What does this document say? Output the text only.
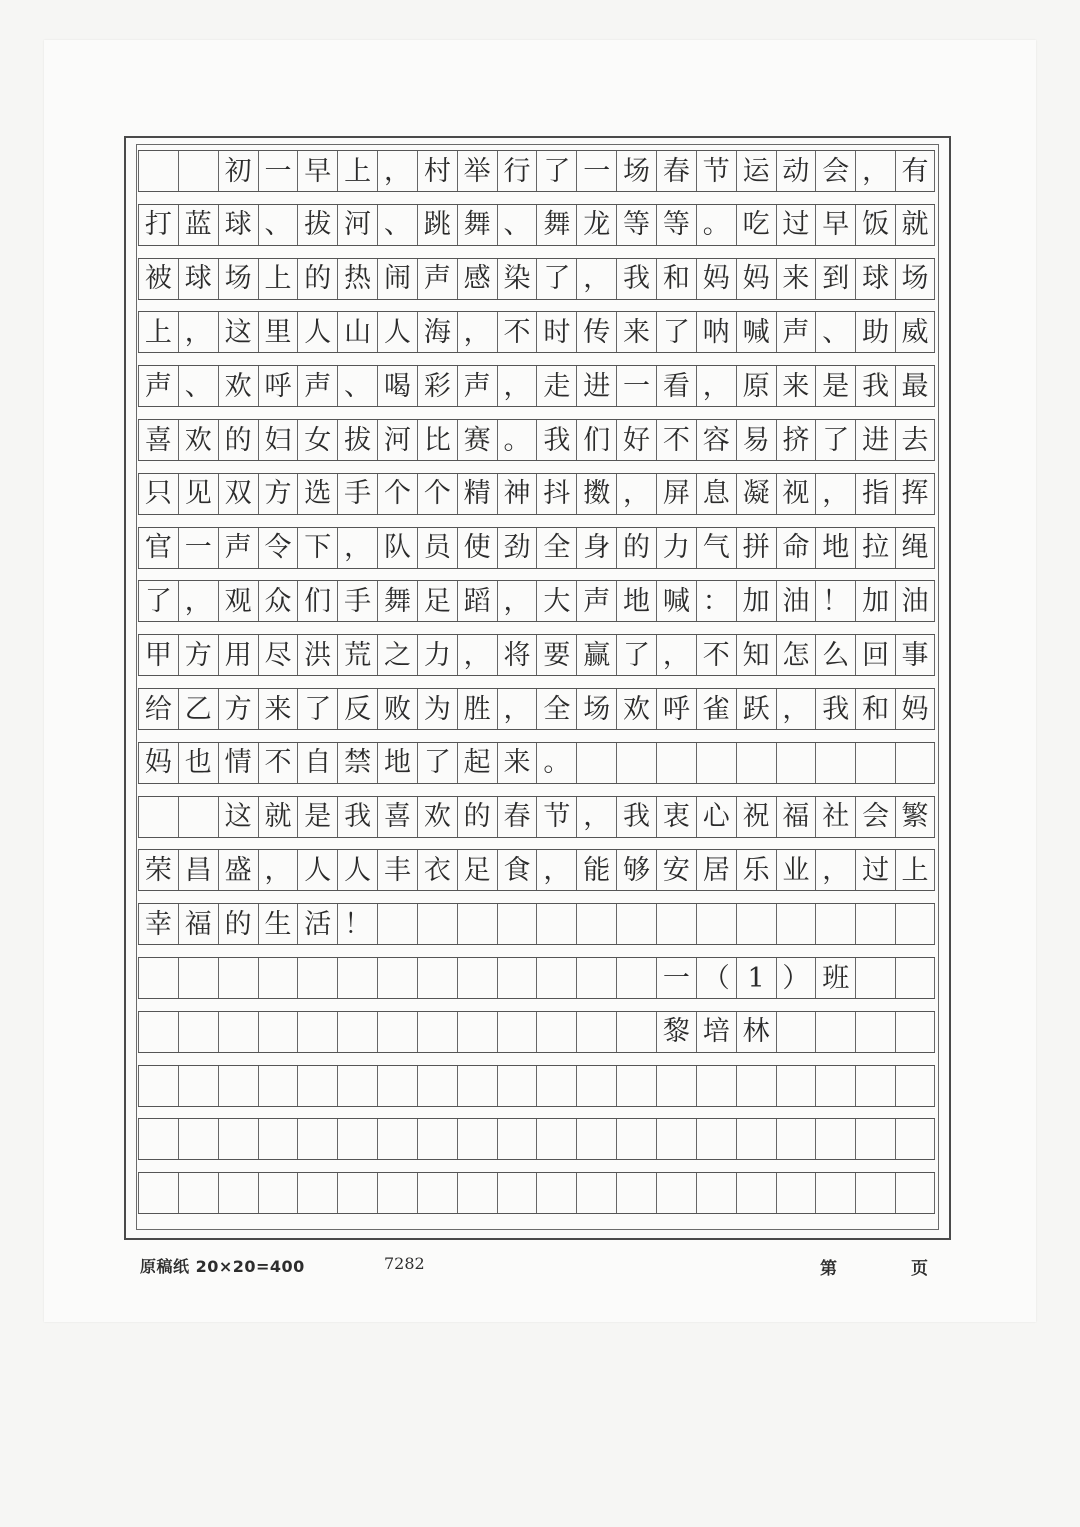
初 一 早 上 ， 村 举 行 了 一 场 春 节 运 动 会 ， 有
打 蓝 球 、 拔 河 、 跳 舞 、 舞 龙 等 等 。 吃 过 早 饭 就
被 球 场 上 的 热 闹 声 感 染 了 ， 我 和 妈 妈 来 到 球 场
上 ， 这 里 人 山 人 海 ， 不 时 传 来 了 呐 喊 声 、 助 威
声 、 欢 呼 声 、 喝 彩 声 ， 走 进 一 看 ， 原 来 是 我 最
喜 欢 的 妇 女 拔 河 比 赛 。 我 们 好 不 容 易 挤 了 进 去
只 见 双 方 选 手 个 个 精 神 抖 擞 ， 屏 息 凝 视 ， 指 挥
官 一 声 令 下 ， 队 员 使 劲 全 身 的 力 气 拼 命 地 拉 绳
了 ， 观 众 们 手 舞 足 蹈 ， 大 声 地 喊 ： 加 油 ！ 加 油
甲 方 用 尽 洪 荒 之 力 ， 将 要 赢 了 ， 不 知 怎 么 回 事
给 乙 方 来 了 反 败 为 胜 ， 全 场 欢 呼 雀 跃 ， 我 和 妈
妈 也 情 不 自 禁 地 了 起 来 。
这 就 是 我 喜 欢 的 春 节 ， 我 衷 心 祝 福 社 会 繁
荣 昌 盛 ， 人 人 丰 衣 足 食 ， 能 够 安 居 乐 业 ， 过 上
幸 福 的 生 活 ！
一 （ 1 ） 班
黎 培 林
原稿纸 20×20=400	7282	第	页
